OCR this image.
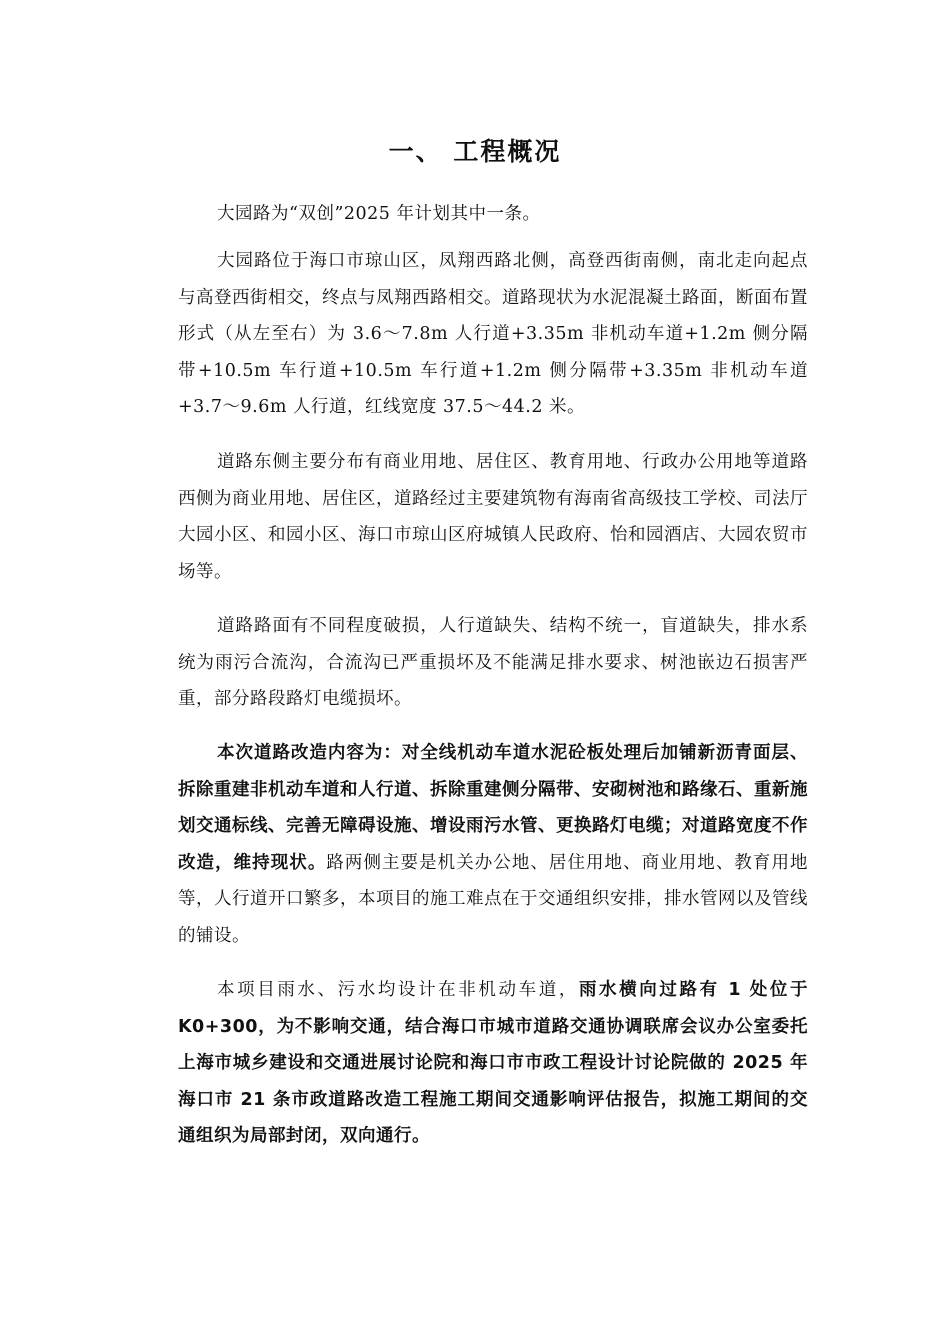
一、 工程概况

大园路为“双创”2025 年计划其中一条。

大园路位于海口市琼山区，凤翔西路北侧，高登西街南侧，南北走向起点与高登西街相交，终点与凤翔西路相交。道路现状为水泥混凝土路面，断面布置形式（从左至右）为 3.6～7.8m 人行道+3.35m 非机动车道+1.2m 侧分隔带+10.5m 车行道+10.5m 车行道+1.2m 侧分隔带+3.35m 非机动车道+3.7～9.6m 人行道，红线宽度 37.5～44.2 米。

道路东侧主要分布有商业用地、居住区、教育用地、行政办公用地等道路西侧为商业用地、居住区，道路经过主要建筑物有海南省高级技工学校、司法厅大园小区、和园小区、海口市琼山区府城镇人民政府、怡和园酒店、大园农贸市场等。

道路路面有不同程度破损，人行道缺失、结构不统一，盲道缺失，排水系统为雨污合流沟，合流沟已严重损坏及不能满足排水要求、树池嵌边石损害严重，部分路段路灯电缆损坏。

本次道路改造内容为：对全线机动车道水泥砼板处理后加铺新沥青面层、拆除重建非机动车道和人行道、拆除重建侧分隔带、安砌树池和路缘石、重新施划交通标线、完善无障碍设施、增设雨污水管、更换路灯电缆；对道路宽度不作改造，维持现状。路两侧主要是机关办公地、居住用地、商业用地、教育用地等，人行道开口繁多，本项目的施工难点在于交通组织安排，排水管网以及管线的铺设。

本项目雨水、污水均设计在非机动车道，雨水横向过路有 1 处位于 K0+300，为不影响交通，结合海口市城市道路交通协调联席会议办公室委托上海市城乡建设和交通进展讨论院和海口市市政工程设计讨论院做的 2025 年海口市 21 条市政道路改造工程施工期间交通影响评估报告，拟施工期间的交通组织为局部封闭，双向通行。
